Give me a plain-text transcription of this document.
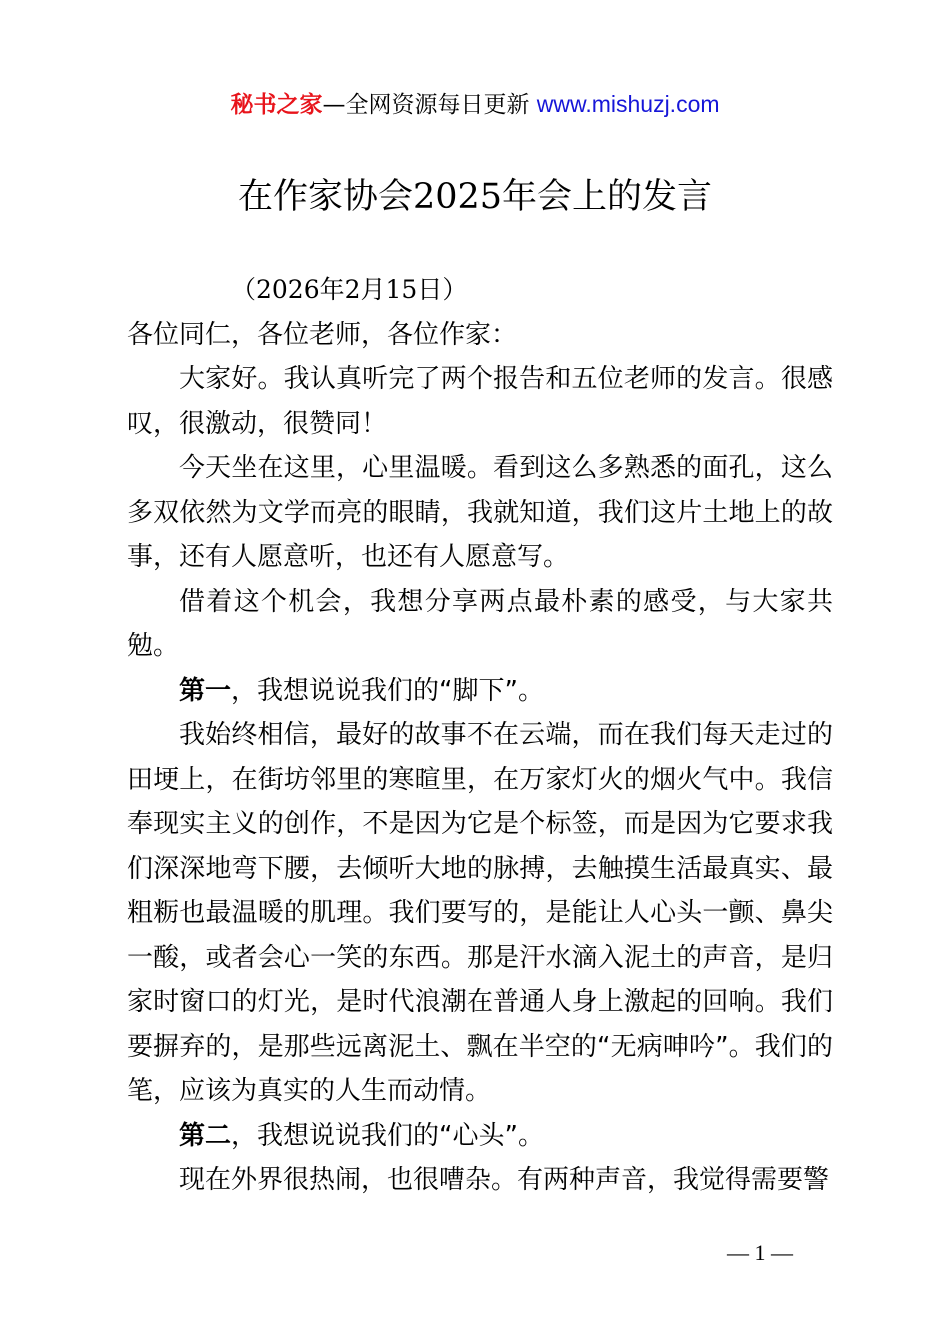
秘书之家—全网资源每日更新 www.mishuzj.com
在作家协会2025年会上的发言

（2026年2月15日）

各位同仁，各位老师，各位作家：

大家好。我认真听完了两个报告和五位老师的发言。很感叹，很激动，很赞同！

今天坐在这里，心里温暖。看到这么多熟悉的面孔，这么多双依然为文学而亮的眼睛，我就知道，我们这片土地上的故事，还有人愿意听，也还有人愿意写。

借着这个机会，我想分享两点最朴素的感受，与大家共勉。

第一，我想说说我们的“脚下”。

我始终相信，最好的故事不在云端，而在我们每天走过的田埂上，在街坊邻里的寒暄里，在万家灯火的烟火气中。我信奉现实主义的创作，不是因为它是个标签，而是因为它要求我们深深地弯下腰，去倾听大地的脉搏，去触摸生活最真实、最粗粝也最温暖的肌理。我们要写的，是能让人心头一颤、鼻尖一酸，或者会心一笑的东西。那是汗水滴入泥土的声音，是归家时窗口的灯光，是时代浪潮在普通人身上激起的回响。我们要摒弃的，是那些远离泥土、飘在半空的“无病呻吟”。我们的笔，应该为真实的人生而动情。

第二，我想说说我们的“心头”。

现在外界很热闹，也很嘈杂。有两种声音，我觉得需要警

— 1 —
